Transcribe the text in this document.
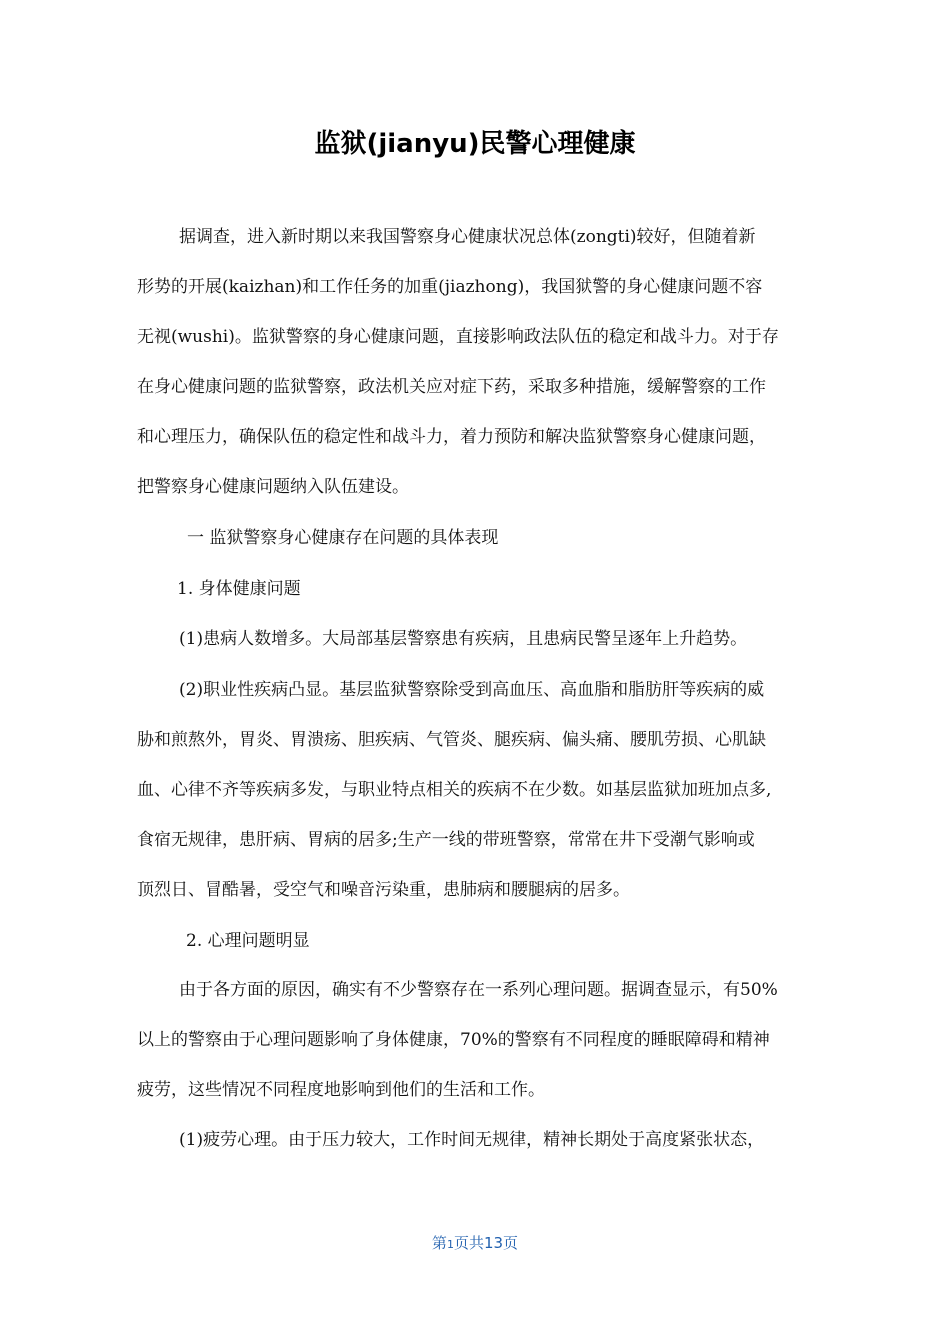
监狱(jianyu)民警心理健康
据调查，进入新时期以来我国警察身心健康状况总体(zongti)较好，但随着新
形势的开展(kaizhan)和工作任务的加重(jiazhong)，我国狱警的身心健康问题不容
无视(wushi)。监狱警察的身心健康问题，直接影响政法队伍的稳定和战斗力。对于存
在身心健康问题的监狱警察，政法机关应对症下药，采取多种措施，缓解警察的工作
和心理压力，确保队伍的稳定性和战斗力，着力预防和解决监狱警察身心健康问题，
把警察身心健康问题纳入队伍建设。
一 监狱警察身心健康存在问题的具体表现
1. 身体健康问题
(1)患病人数增多。大局部基层警察患有疾病，且患病民警呈逐年上升趋势。
(2)职业性疾病凸显。基层监狱警察除受到高血压、高血脂和脂肪肝等疾病的威
胁和煎熬外，胃炎、胃溃疡、胆疾病、气管炎、腿疾病、偏头痛、腰肌劳损、心肌缺
血、心律不齐等疾病多发，与职业特点相关的疾病不在少数。如基层监狱加班加点多,
食宿无规律，患肝病、胃病的居多;生产一线的带班警察，常常在井下受潮气影响或
顶烈日、冒酷暑，受空气和噪音污染重，患肺病和腰腿病的居多。
2. 心理问题明显
由于各方面的原因，确实有不少警察存在一系列心理问题。据调查显示，有50%
以上的警察由于心理问题影响了身体健康，70%的警察有不同程度的睡眠障碍和精神
疲劳，这些情况不同程度地影响到他们的生活和工作。
(1)疲劳心理。由于压力较大，工作时间无规律，精神长期处于高度紧张状态，
第1页共13页
